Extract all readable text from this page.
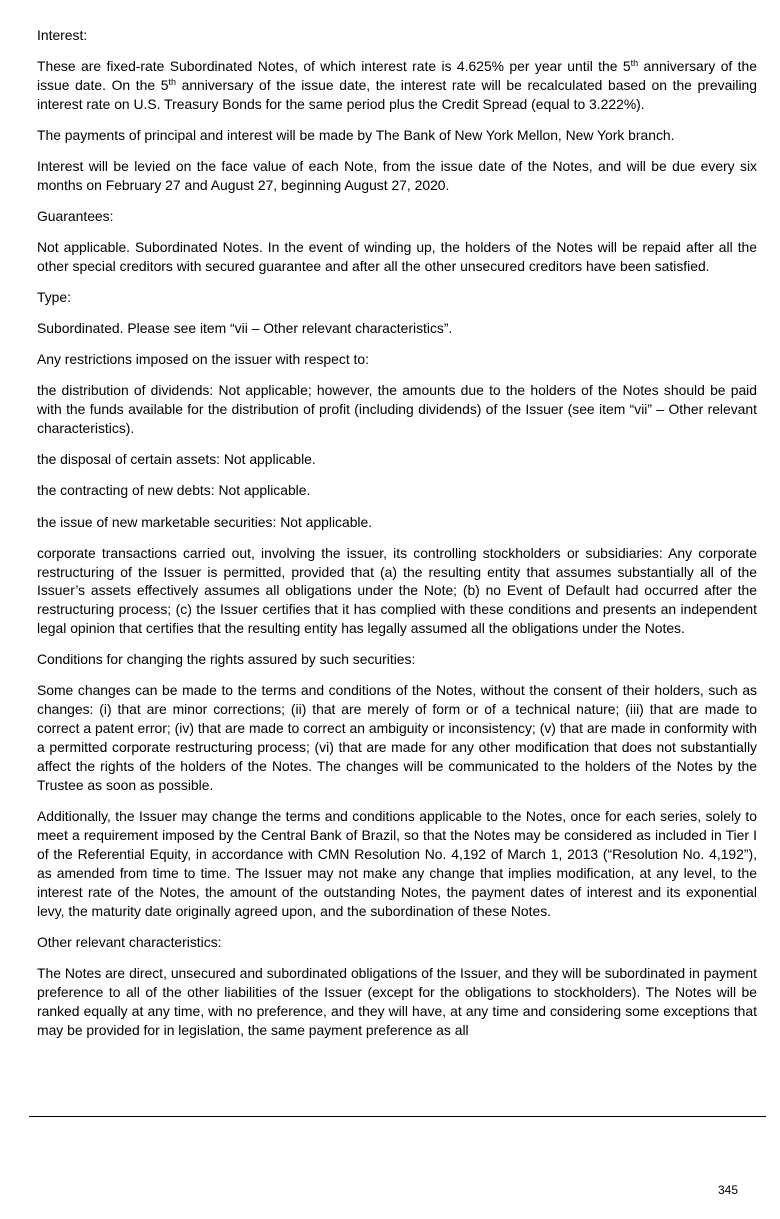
Interest:

These are fixed-rate Subordinated Notes, of which interest rate is 4.625% per year until the 5th anniversary of the issue date. On the 5th anniversary of the issue date, the interest rate will be recalculated based on the prevailing interest rate on U.S. Treasury Bonds for the same period plus the Credit Spread (equal to 3.222%).

The payments of principal and interest will be made by The Bank of New York Mellon, New York branch.

Interest will be levied on the face value of each Note, from the issue date of the Notes, and will be due every six months on February 27 and August 27, beginning August 27, 2020.

Guarantees:

Not applicable. Subordinated Notes. In the event of winding up, the holders of the Notes will be repaid after all the other special creditors with secured guarantee and after all the other unsecured creditors have been satisfied.

Type:

Subordinated. Please see item “vii – Other relevant characteristics”.

Any restrictions imposed on the issuer with respect to:

the distribution of dividends: Not applicable; however, the amounts due to the holders of the Notes should be paid with the funds available for the distribution of profit (including dividends) of the Issuer (see item “vii” – Other relevant characteristics).

the disposal of certain assets: Not applicable.

the contracting of new debts: Not applicable.

the issue of new marketable securities: Not applicable.

corporate transactions carried out, involving the issuer, its controlling stockholders or subsidiaries: Any corporate restructuring of the Issuer is permitted, provided that (a) the resulting entity that assumes substantially all of the Issuer’s assets effectively assumes all obligations under the Note; (b) no Event of Default had occurred after the restructuring process; (c) the Issuer certifies that it has complied with these conditions and presents an independent legal opinion that certifies that the resulting entity has legally assumed all the obligations under the Notes.

Conditions for changing the rights assured by such securities:

Some changes can be made to the terms and conditions of the Notes, without the consent of their holders, such as changes: (i) that are minor corrections; (ii) that are merely of form or of a technical nature; (iii) that are made to correct a patent error; (iv) that are made to correct an ambiguity or inconsistency; (v) that are made in conformity with a permitted corporate restructuring process; (vi) that are made for any other modification that does not substantially affect the rights of the holders of the Notes. The changes will be communicated to the holders of the Notes by the Trustee as soon as possible.

Additionally, the Issuer may change the terms and conditions applicable to the Notes, once for each series, solely to meet a requirement imposed by the Central Bank of Brazil, so that the Notes may be considered as included in Tier I of the Referential Equity, in accordance with CMN Resolution No. 4,192 of March 1, 2013 (“Resolution No. 4,192”), as amended from time to time. The Issuer may not make any change that implies modification, at any level, to the interest rate of the Notes, the amount of the outstanding Notes, the payment dates of interest and its exponential levy, the maturity date originally agreed upon, and the subordination of these Notes.

Other relevant characteristics:

The Notes are direct, unsecured and subordinated obligations of the Issuer, and they will be subordinated in payment preference to all of the other liabilities of the Issuer (except for the obligations to stockholders). The Notes will be ranked equally at any time, with no preference, and they will have, at any time and considering some exceptions that may be provided for in legislation, the same payment preference as all

345
